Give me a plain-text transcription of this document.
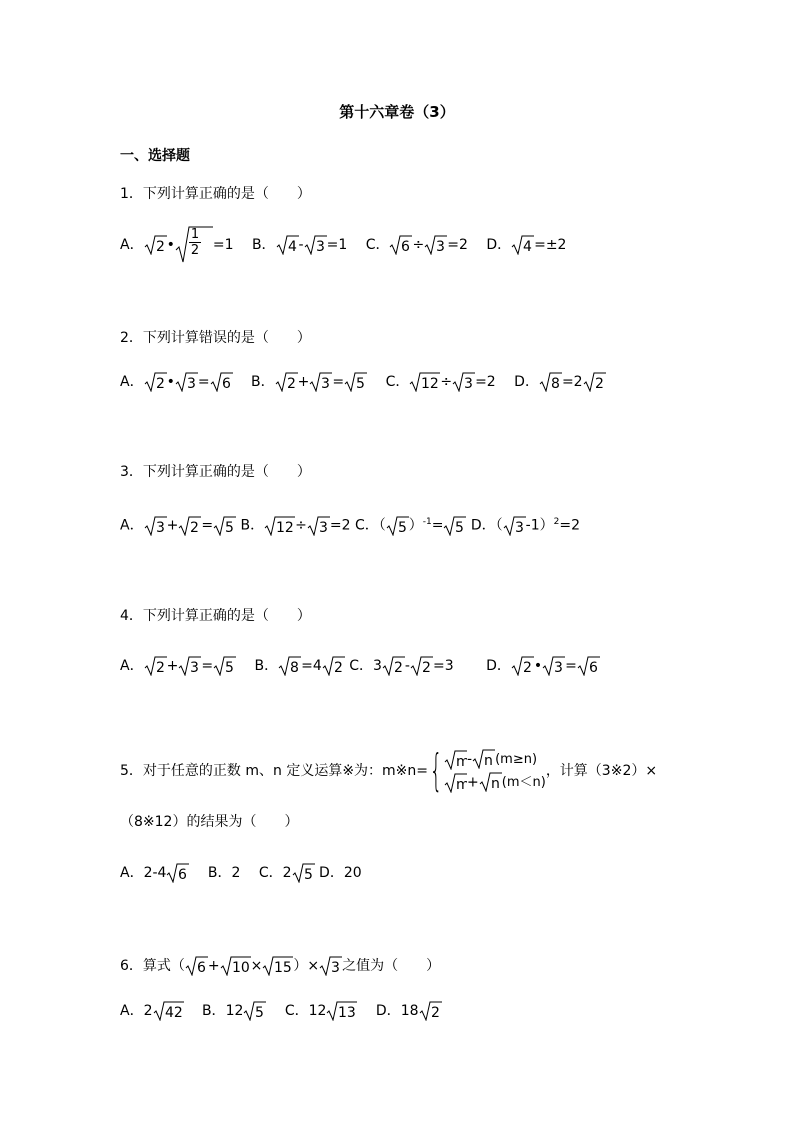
第十六章卷（3）
一、选择题
1．下列计算正确的是（　　）
A． 2 • $\frac{1}{2} =1$　 B． 4 - 3 =1　 C． 6 ÷ 3 =2　 D． 4 =±2
2．下列计算错误的是（　　）
A． 2 • 3 = 6
　 B． 2 + 3 = 5
　 C． 12 ÷ 3 =2　 D． 8 =2 2
3．下列计算正确的是（　　）
A． 3 + 2 = 5 B． 12 ÷ 3 =2 C．（ 5 ）$^{-1}$= 5 D．（ 3 -1）$^2$=2
4．下列计算正确的是（　　）
A． 2 + 3 = 5
　 B． 8 =4 2 C．3 2 - 2 =3　　 D． 2 • 3 = 6
5．对于任意的正数 m、n 定义运算※为：m※n={ m
- n (m≥n)
m
+ n (m＜n)
，计算（3※2）×
（8※12）的结果为（　　）
A．2-4 6
　 B．2　 C．2 5 D．20
6．算式（ 6 + 10 × 15 ）× 3 之值为（　　）
A．2 42
　 B．12 5
　 C．12 13
　 D．18 2
